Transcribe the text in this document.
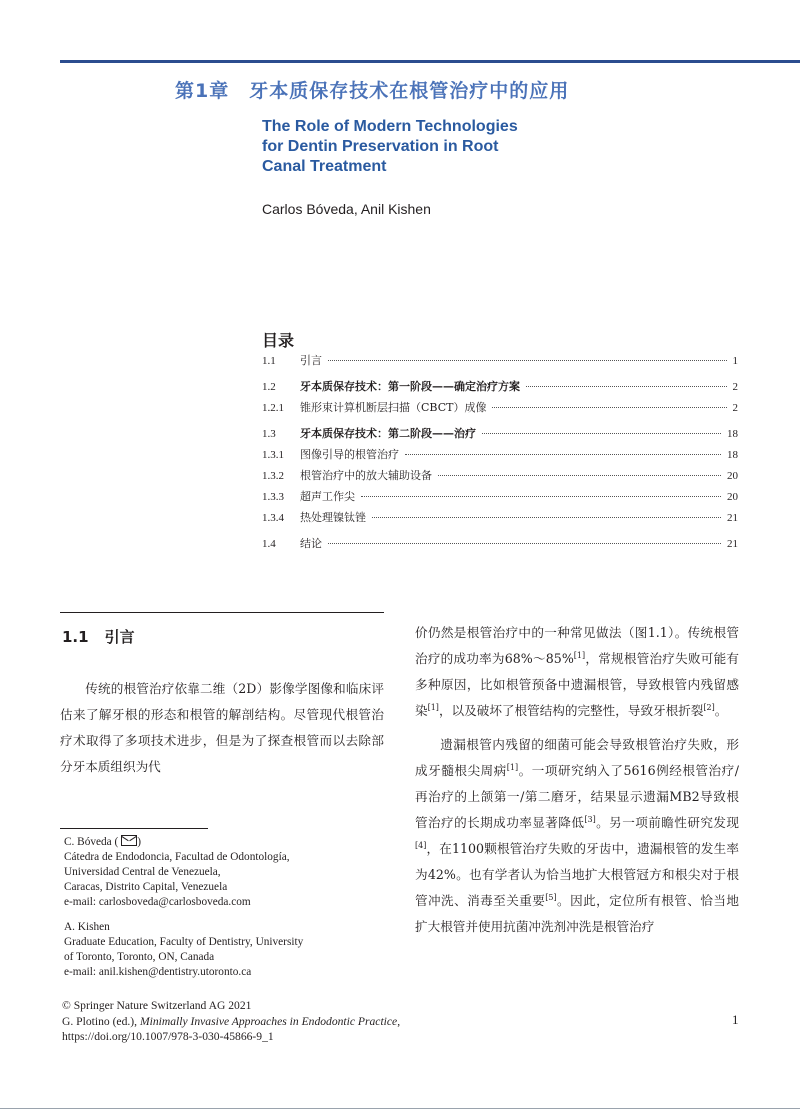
第1章　牙本质保存技术在根管治疗中的应用
The Role of Modern Technologies
for Dentin Preservation in Root
Canal Treatment
Carlos Bóveda, Anil Kishen
目录
1.1	引言	1
1.2	牙本质保存技术：第一阶段——确定治疗方案	2
1.2.1	锥形束计算机断层扫描（CBCT）成像	2
1.3	牙本质保存技术：第二阶段——治疗	18
1.3.1	图像引导的根管治疗	18
1.3.2	根管治疗中的放大辅助设备	20
1.3.3	超声工作尖	20
1.3.4	热处理镍钛锉	21
1.4	结论	21
1.1 引言
传统的根管治疗依靠二维（2D）影像学图像和临床评估来了解牙根的形态和根管的解剖结构。尽管现代根管治疗术取得了多项技术进步，但是为了探查根管而以去除部分牙本质组织为代

价仍然是根管治疗中的一种常见做法（图1.1）。传统根管治疗的成功率为68%～85%[1]，常规根管治疗失败可能有多种原因，比如根管预备中遗漏根管，导致根管内残留感染[1]，以及破坏了根管结构的完整性，导致牙根折裂[2]。

遗漏根管内残留的细菌可能会导致根管治疗失败，形成牙髓根尖周病[1]。一项研究纳入了5616例经根管治疗/再治疗的上颌第一/第二磨牙，结果显示遗漏MB2导致根管治疗的长期成功率显著降低[3]。另一项前瞻性研究发现[4]，在1100颗根管治疗失败的牙齿中，遗漏根管的发生率为42%。也有学者认为恰当地扩大根管冠方和根尖对于根管冲洗、消毒至关重要[5]。因此，定位所有根管、恰当地扩大根管并使用抗菌冲洗剂冲洗是根管治疗

C. Bóveda ( )
Cátedra de Endodoncia, Facultad de Odontología,
Universidad Central de Venezuela,
Caracas, Distrito Capital, Venezuela
e-mail: carlosboveda@carlosboveda.com
A. Kishen
Graduate Education, Faculty of Dentistry, University
of Toronto, Toronto, ON, Canada
e-mail: anil.kishen@dentistry.utoronto.ca
© Springer Nature Switzerland AG 2021
G. Plotino (ed.), Minimally Invasive Approaches in Endodontic Practice,
https://doi.org/10.1007/978-3-030-45866-9_1
1
